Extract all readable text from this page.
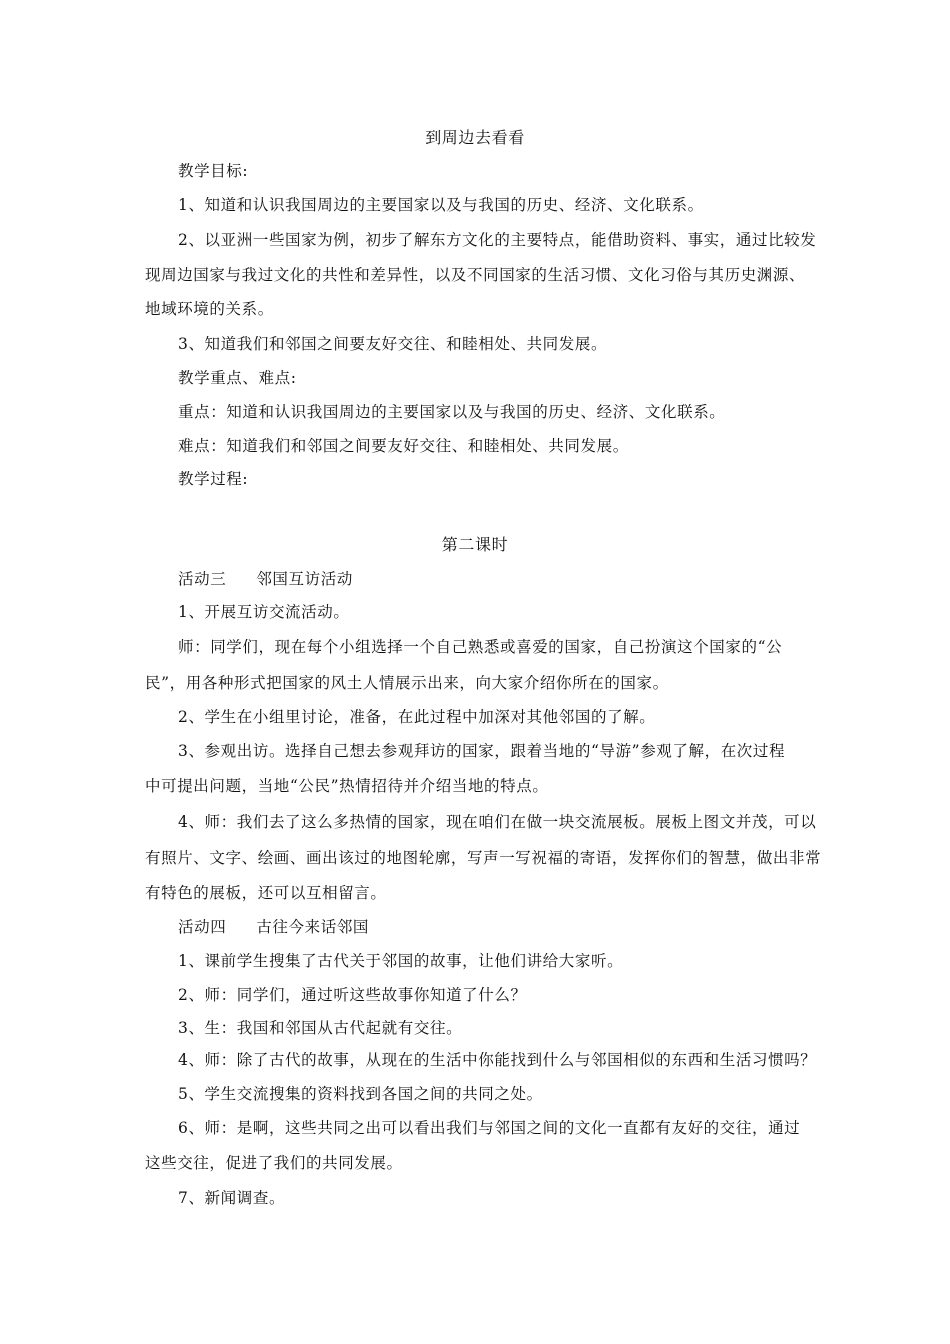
到周边去看看
教学目标:
1、知道和认识我国周边的主要国家以及与我国的历史、经济、文化联系。
2、以亚洲一些国家为例，初步了解东方文化的主要特点，能借助资料、事实，通过比较发
现周边国家与我过文化的共性和差异性，以及不同国家的生活习惯、文化习俗与其历史渊源、
地域环境的关系。
3、知道我们和邻国之间要友好交往、和睦相处、共同发展。
教学重点、难点:
重点：知道和认识我国周边的主要国家以及与我国的历史、经济、文化联系。
难点：知道我们和邻国之间要友好交往、和睦相处、共同发展。
教学过程:
第二课时
活动三 邻国互访活动
1、开展互访交流活动。
师：同学们，现在每个小组选择一个自己熟悉或喜爱的国家，自己扮演这个国家的“公
民”，用各种形式把国家的风土人情展示出来，向大家介绍你所在的国家。
2、学生在小组里讨论，准备，在此过程中加深对其他邻国的了解。
3、参观出访。选择自己想去参观拜访的国家，跟着当地的“导游”参观了解，在次过程
中可提出问题，当地“公民”热情招待并介绍当地的特点。
4、师：我们去了这么多热情的国家，现在咱们在做一块交流展板。展板上图文并茂，可以
有照片、文字、绘画、画出该过的地图轮廓，写声一写祝福的寄语，发挥你们的智慧，做出非常
有特色的展板，还可以互相留言。
活动四 古往今来话邻国
1、课前学生搜集了古代关于邻国的故事，让他们讲给大家听。
2、师：同学们，通过听这些故事你知道了什么？
3、生：我国和邻国从古代起就有交往。
4、师：除了古代的故事，从现在的生活中你能找到什么与邻国相似的东西和生活习惯吗？
5、学生交流搜集的资料找到各国之间的共同之处。
6、师：是啊，这些共同之出可以看出我们与邻国之间的文化一直都有友好的交往，通过
这些交往，促进了我们的共同发展。
7、新闻调查。
